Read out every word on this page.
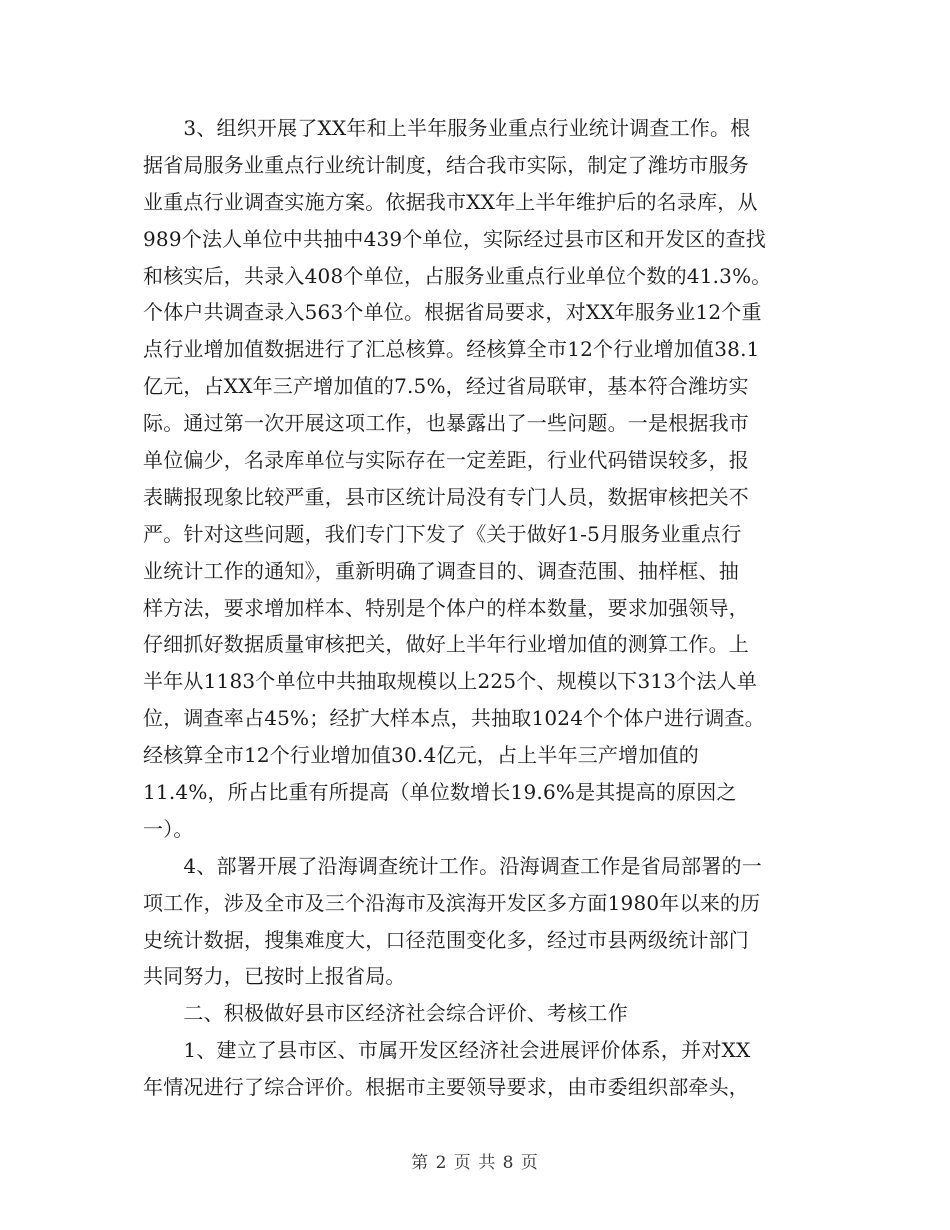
　　3、组织开展了XX年和上半年服务业重点行业统计调查工作。根
据省局服务业重点行业统计制度，结合我市实际，制定了潍坊市服务
业重点行业调查实施方案。依据我市XX年上半年维护后的名录库，从
989个法人单位中共抽中439个单位，实际经过县市区和开发区的查找
和核实后，共录入408个单位，占服务业重点行业单位个数的41.3%。
个体户共调查录入563个单位。根据省局要求，对XX年服务业12个重
点行业增加值数据进行了汇总核算。经核算全市12个行业增加值38.1
亿元，占XX年三产增加值的7.5%，经过省局联审，基本符合潍坊实
际。通过第一次开展这项工作，也暴露出了一些问题。一是根据我市
单位偏少，名录库单位与实际存在一定差距，行业代码错误较多，报
表瞒报现象比较严重，县市区统计局没有专门人员，数据审核把关不
严。针对这些问题，我们专门下发了《关于做好1-5月服务业重点行
业统计工作的通知》，重新明确了调查目的、调查范围、抽样框、抽
样方法，要求增加样本、特别是个体户的样本数量，要求加强领导，
仔细抓好数据质量审核把关，做好上半年行业增加值的测算工作。上
半年从1183个单位中共抽取规模以上225个、规模以下313个法人单
位，调查率占45%；经扩大样本点，共抽取1024个个体户进行调查。
经核算全市12个行业增加值30.4亿元，占上半年三产增加值的
11.4%，所占比重有所提高（单位数增长19.6%是其提高的原因之
一）。
　　4、部署开展了沿海调查统计工作。沿海调查工作是省局部署的一
项工作，涉及全市及三个沿海市及滨海开发区多方面1980年以来的历
史统计数据，搜集难度大，口径范围变化多，经过市县两级统计部门
共同努力，已按时上报省局。
　　二、积极做好县市区经济社会综合评价、考核工作
　　1、建立了县市区、市属开发区经济社会进展评价体系，并对XX
年情况进行了综合评价。根据市主要领导要求，由市委组织部牵头，
第 2 页 共 8 页
